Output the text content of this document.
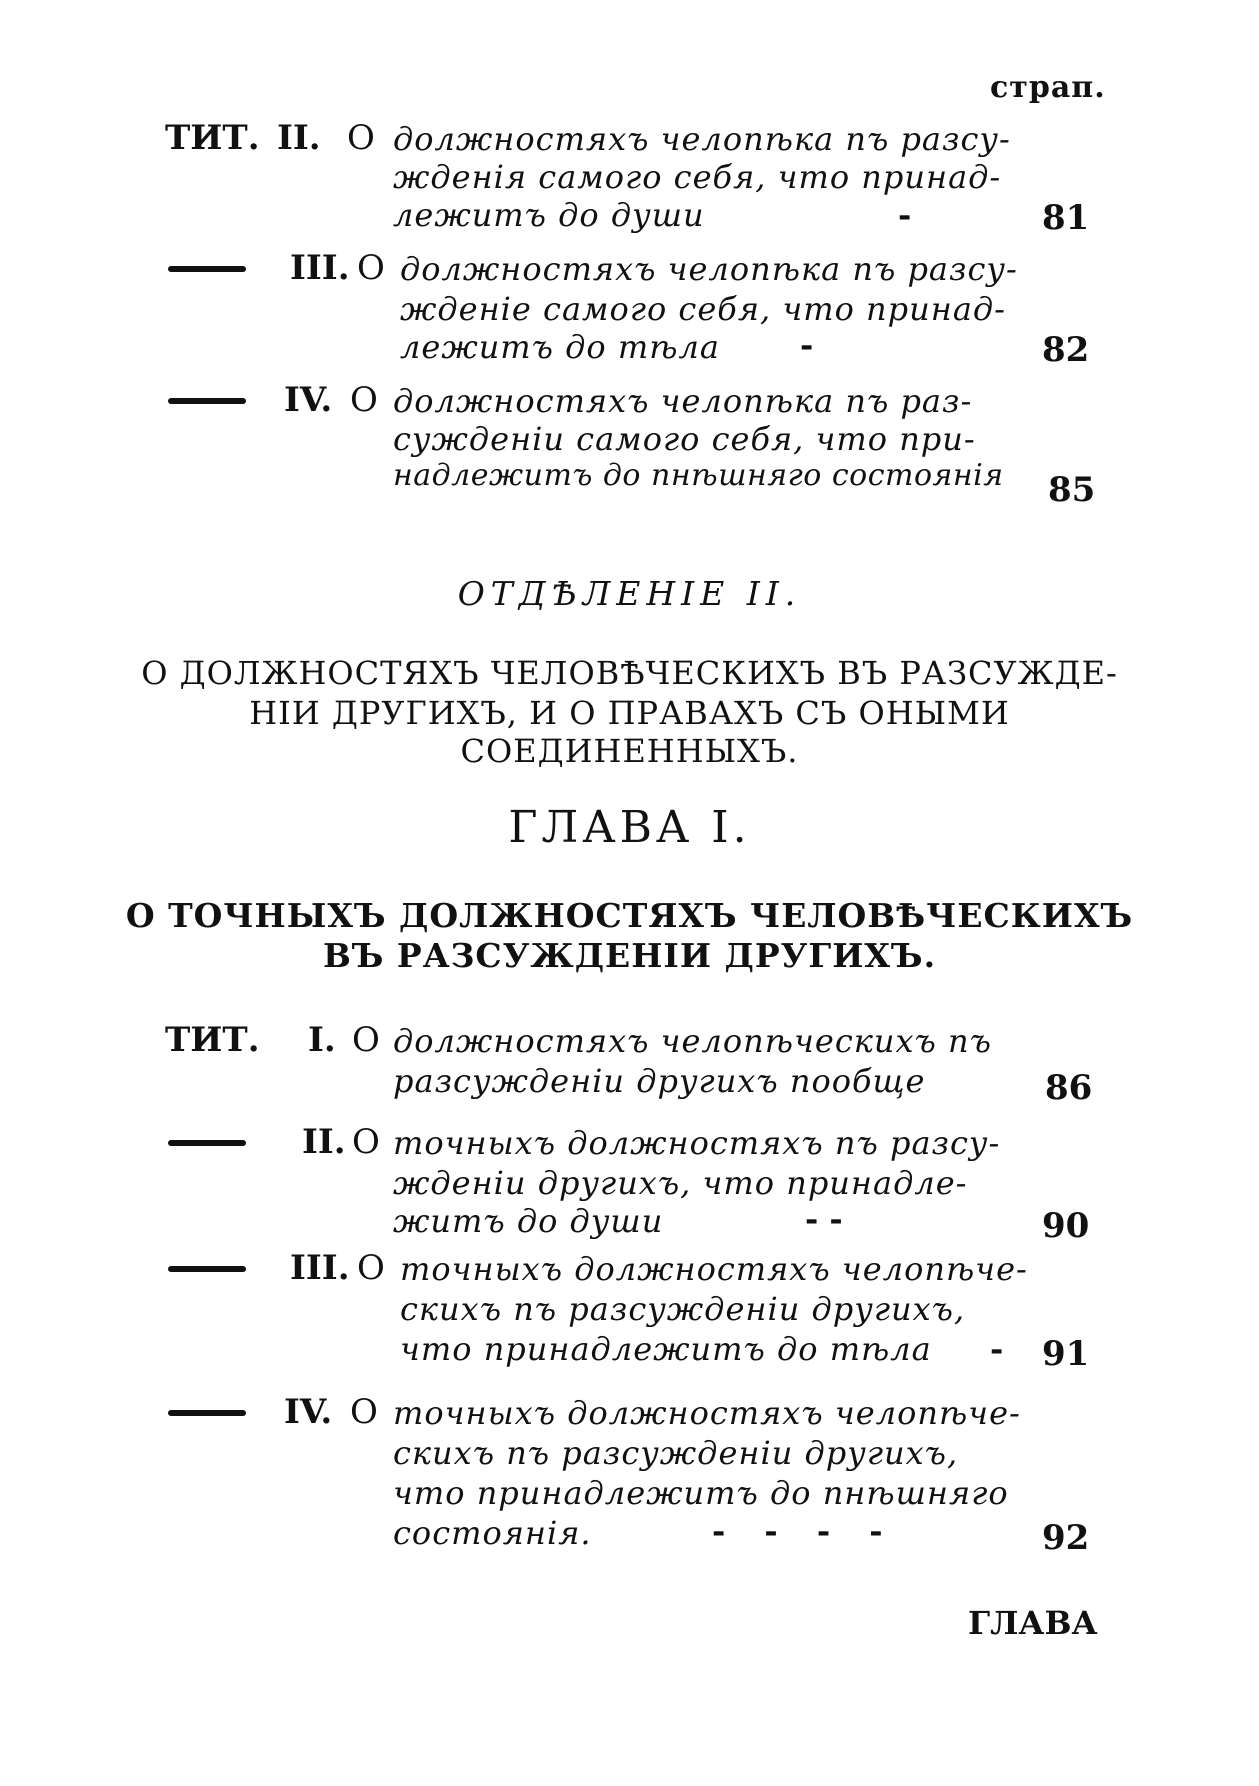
страп.
ТИТ. II. О должностяхъ челопѣка пъ разсу-
жденія самого себя, что принад-
лежитъ до души	-	81
III. О должностяхъ челопѣка пъ разсу-
жденіе самого себя, что принад-
лежитъ до тѣла	-	82
IV. О должностяхъ челопѣка пъ раз-
сужденіи самого себя, что при-
надлежитъ до пнѣшняго состоянія 85
ОТДѢЛЕНІЕ II.
О ДОЛЖНОСТЯХЪ ЧЕЛОВѢЧЕСКИХЪ ВЪ РАЗСУЖДЕ-
НІИ ДРУГИХЪ, И О ПРАВАХЪ СЪ ОНЫМИ
СОЕДИНЕННЫХЪ.
ГЛАВА I.
О ТОЧНЫХЪ ДОЛЖНОСТЯХЪ ЧЕЛОВѢЧЕСКИХЪ
ВЪ РАЗСУЖДЕНІИ ДРУГИХЪ.
ТИТ. I. О должностяхъ челопѣческихъ пъ
разсужденіи другихъ пообще	86
II. О точныхъ должностяхъ пъ разсу-
жденіи другихъ, что принадле-
житъ до души	- -	90
III. О точныхъ должностяхъ челопѣче-
скихъ пъ разсужденіи другихъ,
что принадлежитъ до тѣла - 91
IV. О точныхъ должностяхъ челопѣче-
скихъ пъ разсужденіи другихъ,
что принадлежитъ до пнѣшняго
состоянія.	- - - -	92
ГЛАВА
